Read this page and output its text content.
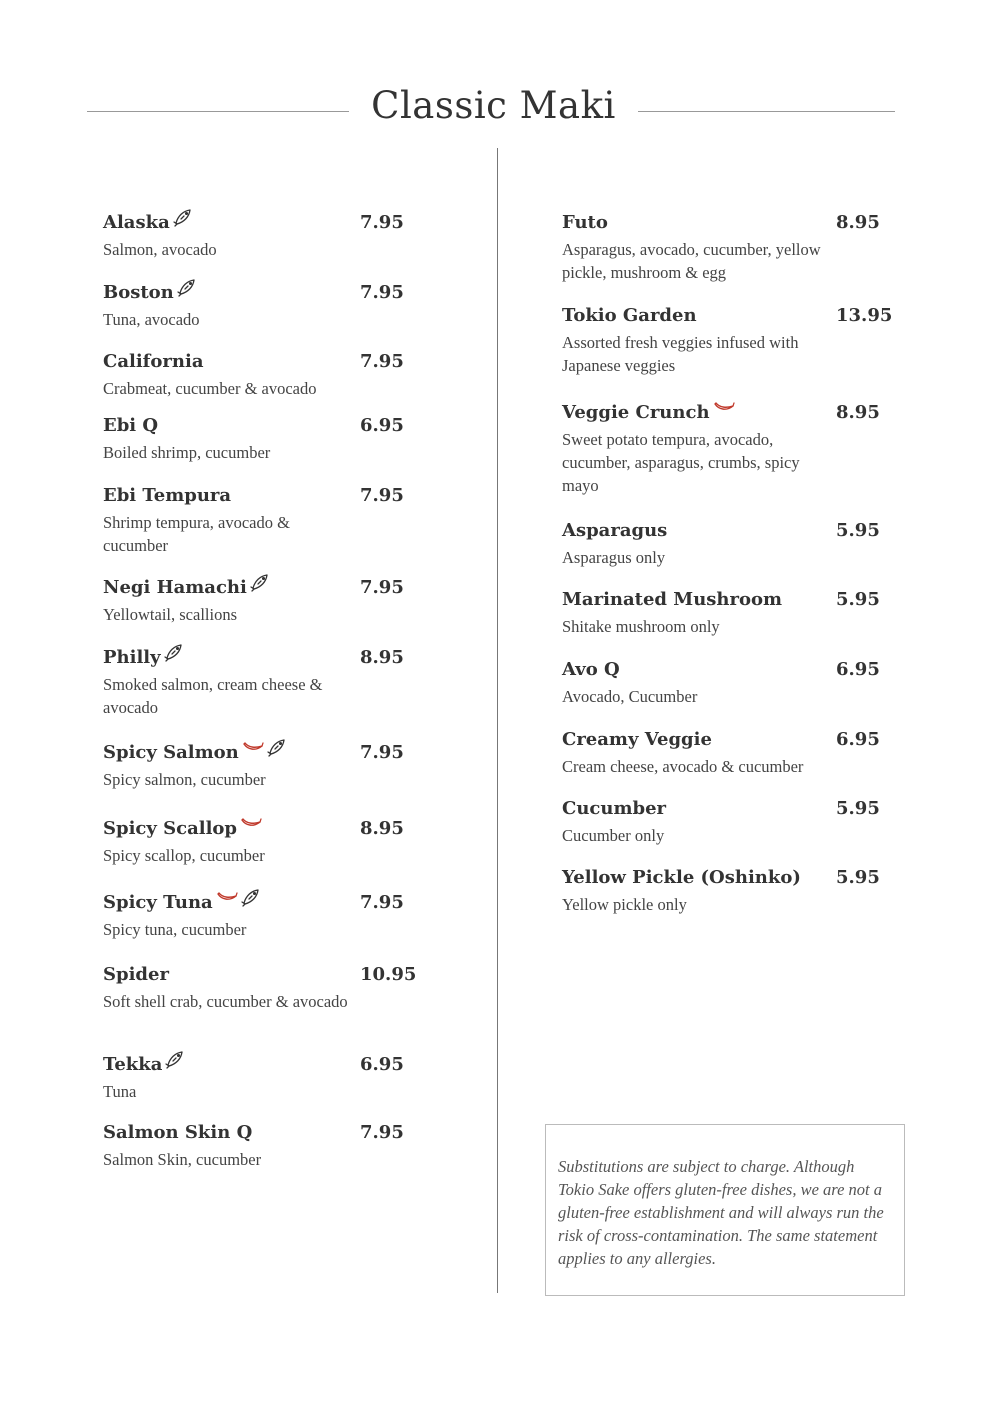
Classic Maki
Alaska
Salmon, avocado
7.95
Boston
Tuna, avocado
7.95
California
Crabmeat, cucumber & avocado
7.95
Ebi Q
Boiled shrimp, cucumber
6.95
Ebi Tempura
Shrimp tempura, avocado & cucumber
7.95
Negi Hamachi
Yellowtail, scallions
7.95
Philly
Smoked salmon, cream cheese & avocado
8.95
Spicy Salmon
Spicy salmon, cucumber
7.95
Spicy Scallop
Spicy scallop, cucumber
8.95
Spicy Tuna
Spicy tuna, cucumber
7.95
Spider
Soft shell crab, cucumber & avocado
10.95
Tekka
Tuna
6.95
Salmon Skin Q
Salmon Skin, cucumber
7.95
Futo
Asparagus, avocado, cucumber, yellow pickle, mushroom & egg
8.95
Tokio Garden
Assorted fresh veggies infused with Japanese veggies
13.95
Veggie Crunch
Sweet potato tempura, avocado, cucumber, asparagus, crumbs, spicy mayo
8.95
Asparagus
Asparagus only
5.95
Marinated Mushroom
Shitake mushroom only
5.95
Avo Q
Avocado, Cucumber
6.95
Creamy Veggie
Cream cheese, avocado & cucumber
6.95
Cucumber
Cucumber only
5.95
Yellow Pickle (Oshinko)
Yellow pickle only
5.95

Substitutions are subject to charge. Although Tokio Sake offers gluten-free dishes, we are not a gluten-free establishment and will always run the risk of cross-contamination. The same statement applies to any allergies.
